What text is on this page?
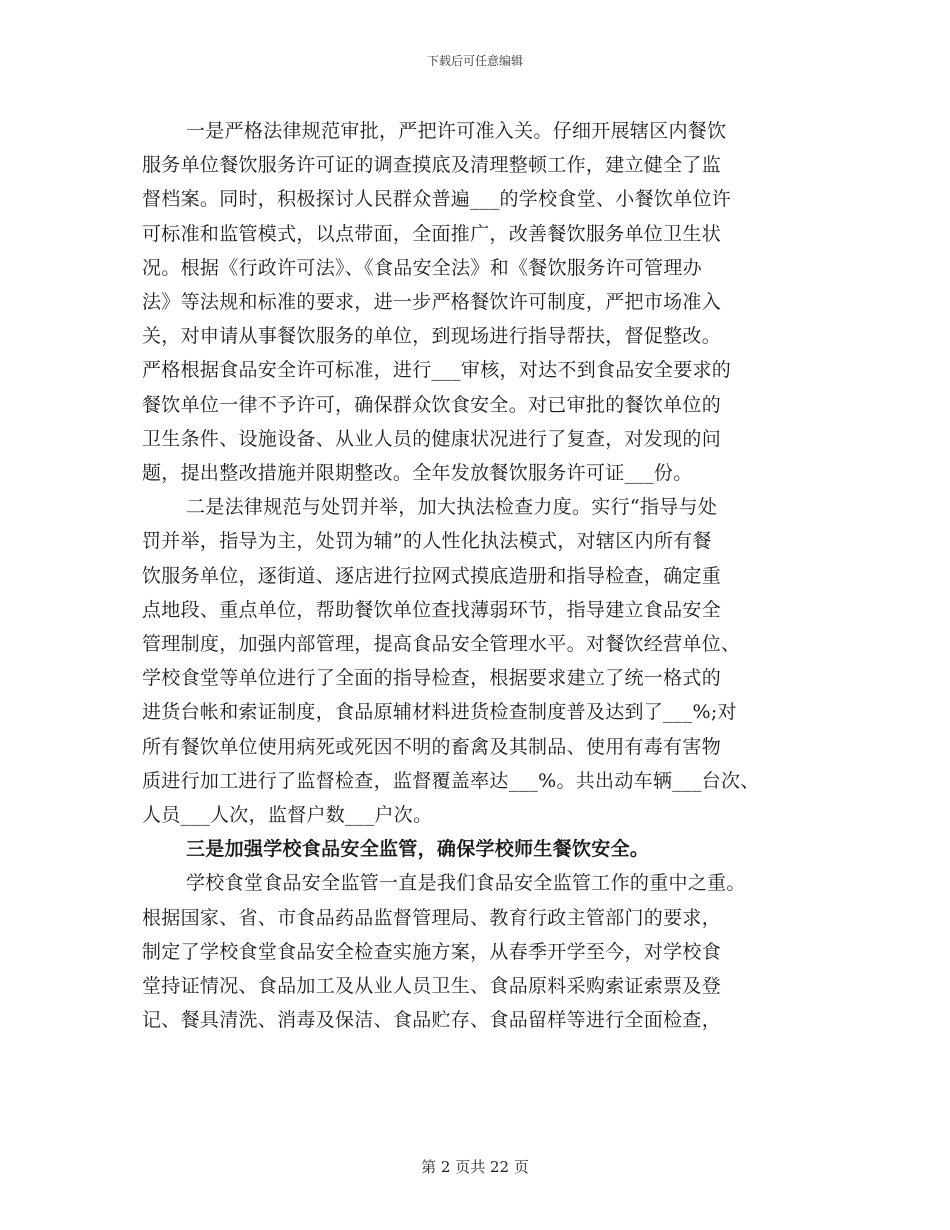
下载后可任意编辑
一是严格法律规范审批，严把许可准入关。仔细开展辖区内餐饮
服务单位餐饮服务许可证的调查摸底及清理整顿工作，建立健全了监
督档案。同时，积极探讨人民群众普遍___的学校食堂、小餐饮单位许
可标准和监管模式，以点带面，全面推广，改善餐饮服务单位卫生状
况。根据《行政许可法》、《食品安全法》和《餐饮服务许可管理办
法》等法规和标准的要求，进一步严格餐饮许可制度，严把市场准入
关，对申请从事餐饮服务的单位，到现场进行指导帮扶，督促整改。
严格根据食品安全许可标准，进行___审核，对达不到食品安全要求的
餐饮单位一律不予许可，确保群众饮食安全。对已审批的餐饮单位的
卫生条件、设施设备、从业人员的健康状况进行了复查，对发现的问
题，提出整改措施并限期整改。全年发放餐饮服务许可证___份。
二是法律规范与处罚并举，加大执法检查力度。实行“指导与处
罚并举，指导为主，处罚为辅”的人性化执法模式，对辖区内所有餐
饮服务单位，逐街道、逐店进行拉网式摸底造册和指导检查，确定重
点地段、重点单位，帮助餐饮单位查找薄弱环节，指导建立食品安全
管理制度，加强内部管理，提高食品安全管理水平。对餐饮经营单位、
学校食堂等单位进行了全面的指导检查，根据要求建立了统一格式的
进货台帐和索证制度，食品原辅材料进货检查制度普及达到了___%;对
所有餐饮单位使用病死或死因不明的畜禽及其制品、使用有毒有害物
质进行加工进行了监督检查，监督覆盖率达___%。共出动车辆___台次、
人员___人次，监督户数___户次。
三是加强学校食品安全监管，确保学校师生餐饮安全。
学校食堂食品安全监管一直是我们食品安全监管工作的重中之重。
根据国家、省、市食品药品监督管理局、教育行政主管部门的要求，
制定了学校食堂食品安全检查实施方案，从春季开学至今，对学校食
堂持证情况、食品加工及从业人员卫生、食品原料采购索证索票及登
记、餐具清洗、消毒及保洁、食品贮存、食品留样等进行全面检查，
第 2 页共 22 页
